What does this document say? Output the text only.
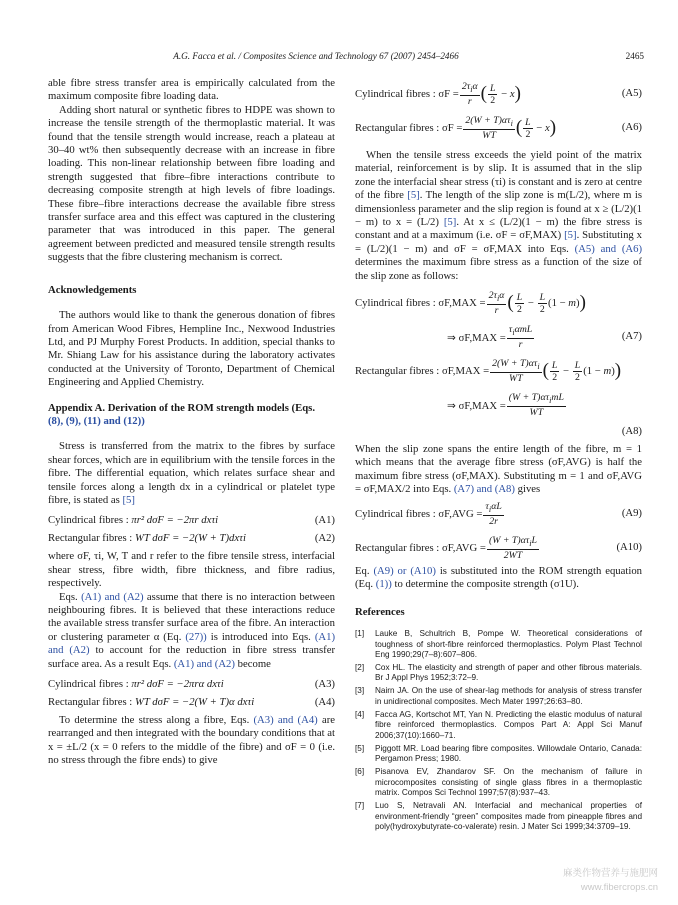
A.G. Facca et al. / Composites Science and Technology 67 (2007) 2454–2466	2465

able fibre stress transfer area is empirically calculated from the maximum composite fibre loading data.

Adding short natural or synthetic fibres to HDPE was shown to increase the tensile strength of the thermoplastic material. It was found that the tensile strength would increase, reach a plateau at 30–40 wt% then subsequently decrease with an increase in fibre loading. This non-linear relationship between fibre loading and strength suggested that fibre–fibre interactions contribute to decreasing composite strength at high levels of fibre loadings. These fibre–fibre interactions decrease the available fibre stress transfer surface area and this effect was captured in the clustering parameter that was introduced in this paper. The general agreement between predicted and measured tensile strength results suggests that the fibre clustering mechanism is correct.

Acknowledgements

The authors would like to thank the generous donation of fibres from American Wood Fibres, Hempline Inc., Nexwood Industries Ltd, and PJ Murphy Forest Products. In addition, special thanks to Mr. Shiang Law for his assistance during the laboratory activates conducted at the University of Toronto, Department of Chemical Engineering and Applied Chemistry.

Appendix A. Derivation of the ROM strength models (Eqs.
(8), (9), (11) and (12))

Stress is transferred from the matrix to the fibres by surface shear forces, which are in equilibrium with the tensile forces in the fibre. The differential equation, which relates surface shear and tensile forces along a length dx in a cylindrical or platelet type fibre, is stated as [5]

Cylindrical fibres : πr² dσF = −2πr dxτi	(A1)
Rectangular fibres : WT dσF = −2(W + T)dxτi	(A2)

where σF, τi, W, T and r refer to the fibre tensile stress, interfacial shear stress, fibre width, fibre thickness, and fibre radius, respectively.

Eqs. (A1) and (A2) assume that there is no interaction between neighbouring fibres. It is believed that these interactions reduce the available stress transfer surface area of the fibre. An interaction or clustering parameter α (Eq. (27)) is introduced into Eqs. (A1) and (A2) to account for the reduction in fibre stress transfer surface area. As a result Eqs. (A1) and (A2) become

Cylindrical fibres : πr² dσF = −2πrα dxτi	(A3)
Rectangular fibres : WT dσF = −2(W + T)α dxτi	(A4)

To determine the stress along a fibre, Eqs. (A3) and (A4) are rearranged and then integrated with the boundary conditions that at x = ±L/2 (x = 0 refers to the middle of the fibre) and σF = 0 (i.e. no stress through the fibre ends) to give

Cylindrical fibres : $\sigma F = \frac{2\tau_i\alpha}{r}$ ( $\frac{L}{2} - x$ )	(A5)
Rectangular fibres : $\sigma F = \frac{2(W + T)\alpha\tau_i}{WT}$ ( $\frac{L}{2} - x$ )	(A6)

When the tensile stress exceeds the yield point of the matrix material, reinforcement is by slip. It is assumed that in the slip zone the interfacial shear stress (τi) is constant and is zero at centre of the fibre [5]. The length of the slip zone is m(L/2), where m is dimensionless parameter and the slip region is found at x ≥ (L/2)(1 − m) to x = (L/2) [5]. At x ≤ (L/2)(1 − m) the fibre stress is constant and at a maximum (i.e. σF = σF,MAX) [5]. Substituting x = (L/2)(1 − m) and σF = σF,MAX into Eqs. (A5) and (A6) determines the maximum fibre stress as a function of the size of the slip zone as follows:

Cylindrical fibres : $\sigma F,MAX = \frac{2\tau_i\alpha}{r}$ ( $\frac{L}{2} - \frac{L}{2} (1 - m)$ )
⇒ $\sigma F,MAX = \frac{\tau_i\alpha mL}{r}$	(A7)
Rectangular fibres : $\sigma F,MAX = \frac{2(W + T)\alpha\tau_i}{WT}$ ( $\frac{L}{2} - \frac{L}{2} (1 - m)$ )
⇒ $\sigma F,MAX = \frac{(W + T)\alpha\tau_imL}{WT}$
(A8)

When the slip zone spans the entire length of the fibre, m = 1 which means that the average fibre stress (σF,AVG) is half the maximum fibre stress (σF,MAX). Substituting m = 1 and σF,AVG = σF,MAX/2 into Eqs. (A7) and (A8) gives

Cylindrical fibres : $\sigma F,AVG = \frac{\tau_i\alpha L}{2r}$	(A9)
Rectangular fibres : $\sigma F,AVG = \frac{(W + T)\alpha\tau_iL}{2WT}$	(A10)

Eq. (A9) or (A10) is substituted into the ROM strength equation (Eq. (1)) to determine the composite strength (σ1U).

References
[1]	Lauke B, Schultrich B, Pompe W. Theoretical considerations of toughness of short-fibre reinforced thermoplastics. Polym Plast Technol Eng 1990;29(7–8):607–806.
[2]	Cox HL. The elasticity and strength of paper and other fibrous materials. Br J Appl Phys 1952;3:72–9.
[3]	Nairn JA. On the use of shear-lag methods for analysis of stress transfer in unidirectional composites. Mech Mater 1997;26:63–80.
[4]	Facca AG, Kortschot MT, Yan N. Predicting the elastic modulus of natural fibre reinforced thermoplastics. Compos Part A: Appl Sci Manuf 2006;37(10):1660–71.
[5]	Piggott MR. Load bearing fibre composites. Willowdale Ontario, Canada: Pergamon Press; 1980.
[6]	Pisanova EV, Zhandarov SF. On the mechanism of failure in microcomposites consisting of single glass fibres in a thermoplastic matrix. Compos Sci Technol 1997;57(8):937–43.
[7]	Luo S, Netravali AN. Interfacial and mechanical properties of environment-friendly “green” composites made from pineapple fibres and poly(hydroxybutyrate-co-valerate) resin. J Mater Sci 1999;34:3709–19.
麻类作物营养与施肥网
www.fibercrops.cn
